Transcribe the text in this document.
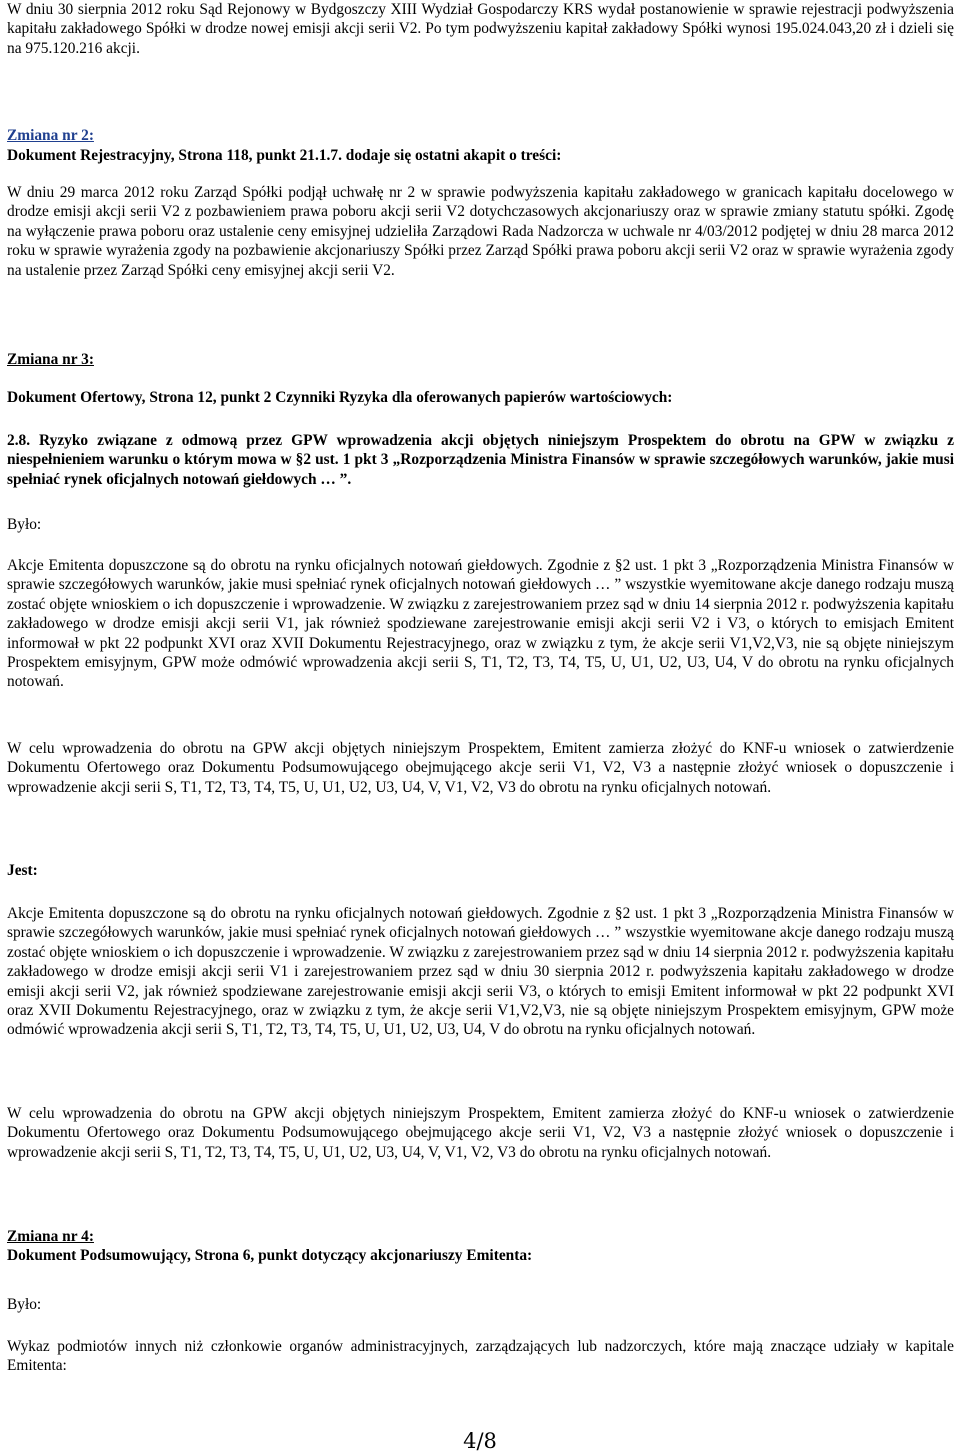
W dniu 30 sierpnia 2012 roku Sąd Rejonowy w Bydgoszczy XIII Wydział Gospodarczy KRS wydał postanowienie w sprawie rejestracji podwyższenia kapitału zakładowego Spółki w drodze nowej emisji akcji serii V2. Po tym podwyższeniu kapitał zakładowy Spółki wynosi 195.024.043,20 zł i dzieli się na 975.120.216 akcji.

Zmiana nr 2:

Dokument Rejestracyjny, Strona 118, punkt 21.1.7. dodaje się ostatni akapit o treści:

W dniu 29 marca 2012 roku Zarząd Spółki podjął uchwałę nr 2 w sprawie podwyższenia kapitału zakładowego w granicach kapitału docelowego w drodze emisji akcji serii V2 z pozbawieniem prawa poboru akcji serii V2 dotychczasowych akcjonariuszy oraz w sprawie zmiany statutu spółki. Zgodę na wyłączenie prawa poboru oraz ustalenie ceny emisyjnej udzieliła Zarządowi Rada Nadzorcza w uchwale nr 4/03/2012 podjętej w dniu 28 marca 2012 roku w sprawie wyrażenia zgody na pozbawienie akcjonariuszy Spółki przez Zarząd Spółki prawa poboru akcji serii V2 oraz w sprawie wyrażenia zgody na ustalenie przez Zarząd Spółki ceny emisyjnej akcji serii V2.

Zmiana nr 3:

Dokument Ofertowy, Strona 12, punkt 2 Czynniki Ryzyka dla oferowanych papierów wartościowych:

2.8. Ryzyko związane z odmową przez GPW wprowadzenia akcji objętych niniejszym Prospektem do obrotu na GPW w związku z niespełnieniem warunku o którym mowa w §2 ust. 1 pkt 3 „Rozporządzenia Ministra Finansów w sprawie szczegółowych warunków, jakie musi spełniać rynek oficjalnych notowań giełdowych … ”.

Było:

Akcje Emitenta dopuszczone są do obrotu na rynku oficjalnych notowań giełdowych. Zgodnie z §2 ust. 1 pkt 3 „Rozporządzenia Ministra Finansów w sprawie szczegółowych warunków, jakie musi spełniać rynek oficjalnych notowań giełdowych … ” wszystkie wyemitowane akcje danego rodzaju muszą zostać objęte wnioskiem o ich dopuszczenie i wprowadzenie. W związku z zarejestrowaniem przez sąd w dniu 14 sierpnia 2012 r. podwyższenia kapitału zakładowego w drodze emisji akcji serii V1, jak również spodziewane zarejestrowanie emisji akcji serii V2 i V3, o których to emisjach Emitent informował w pkt 22 podpunkt XVI oraz XVII Dokumentu Rejestracyjnego, oraz w związku z tym, że akcje serii V1,V2,V3, nie są objęte niniejszym Prospektem emisyjnym, GPW może odmówić wprowadzenia akcji serii S, T1, T2, T3, T4, T5, U, U1, U2, U3, U4, V do obrotu na rynku oficjalnych notowań.

W celu wprowadzenia do obrotu na GPW akcji objętych niniejszym Prospektem, Emitent zamierza złożyć do KNF-u wniosek o zatwierdzenie Dokumentu Ofertowego oraz Dokumentu Podsumowującego obejmującego akcje serii V1, V2, V3 a następnie złożyć wniosek o dopuszczenie i wprowadzenie akcji serii S, T1, T2, T3, T4, T5, U, U1, U2, U3, U4, V, V1, V2, V3 do obrotu na rynku oficjalnych notowań.

Jest:

Akcje Emitenta dopuszczone są do obrotu na rynku oficjalnych notowań giełdowych. Zgodnie z §2 ust. 1 pkt 3 „Rozporządzenia Ministra Finansów w sprawie szczegółowych warunków, jakie musi spełniać rynek oficjalnych notowań giełdowych … ” wszystkie wyemitowane akcje danego rodzaju muszą zostać objęte wnioskiem o ich dopuszczenie i wprowadzenie. W związku z zarejestrowaniem przez sąd w dniu 14 sierpnia 2012 r. podwyższenia kapitału zakładowego w drodze emisji akcji serii V1 i zarejestrowaniem przez sąd w dniu 30 sierpnia 2012 r. podwyższenia kapitału zakładowego w drodze emisji akcji serii V2, jak również spodziewane zarejestrowanie emisji akcji serii V3, o których to emisji Emitent informował w pkt 22 podpunkt XVI oraz XVII Dokumentu Rejestracyjnego, oraz w związku z tym, że akcje serii V1,V2,V3, nie są objęte niniejszym Prospektem emisyjnym, GPW może odmówić wprowadzenia akcji serii S, T1, T2, T3, T4, T5, U, U1, U2, U3, U4, V do obrotu na rynku oficjalnych notowań.

W celu wprowadzenia do obrotu na GPW akcji objętych niniejszym Prospektem, Emitent zamierza złożyć do KNF-u wniosek o zatwierdzenie Dokumentu Ofertowego oraz Dokumentu Podsumowującego obejmującego akcje serii V1, V2, V3 a następnie złożyć wniosek o dopuszczenie i wprowadzenie akcji serii S, T1, T2, T3, T4, T5, U, U1, U2, U3, U4, V, V1, V2, V3 do obrotu na rynku oficjalnych notowań.

Zmiana nr 4:

Dokument Podsumowujący, Strona 6, punkt dotyczący akcjonariuszy Emitenta:

Było:

Wykaz podmiotów innych niż członkowie organów administracyjnych, zarządzających lub nadzorczych, które mają znaczące udziały w kapitale Emitenta:

4/8
